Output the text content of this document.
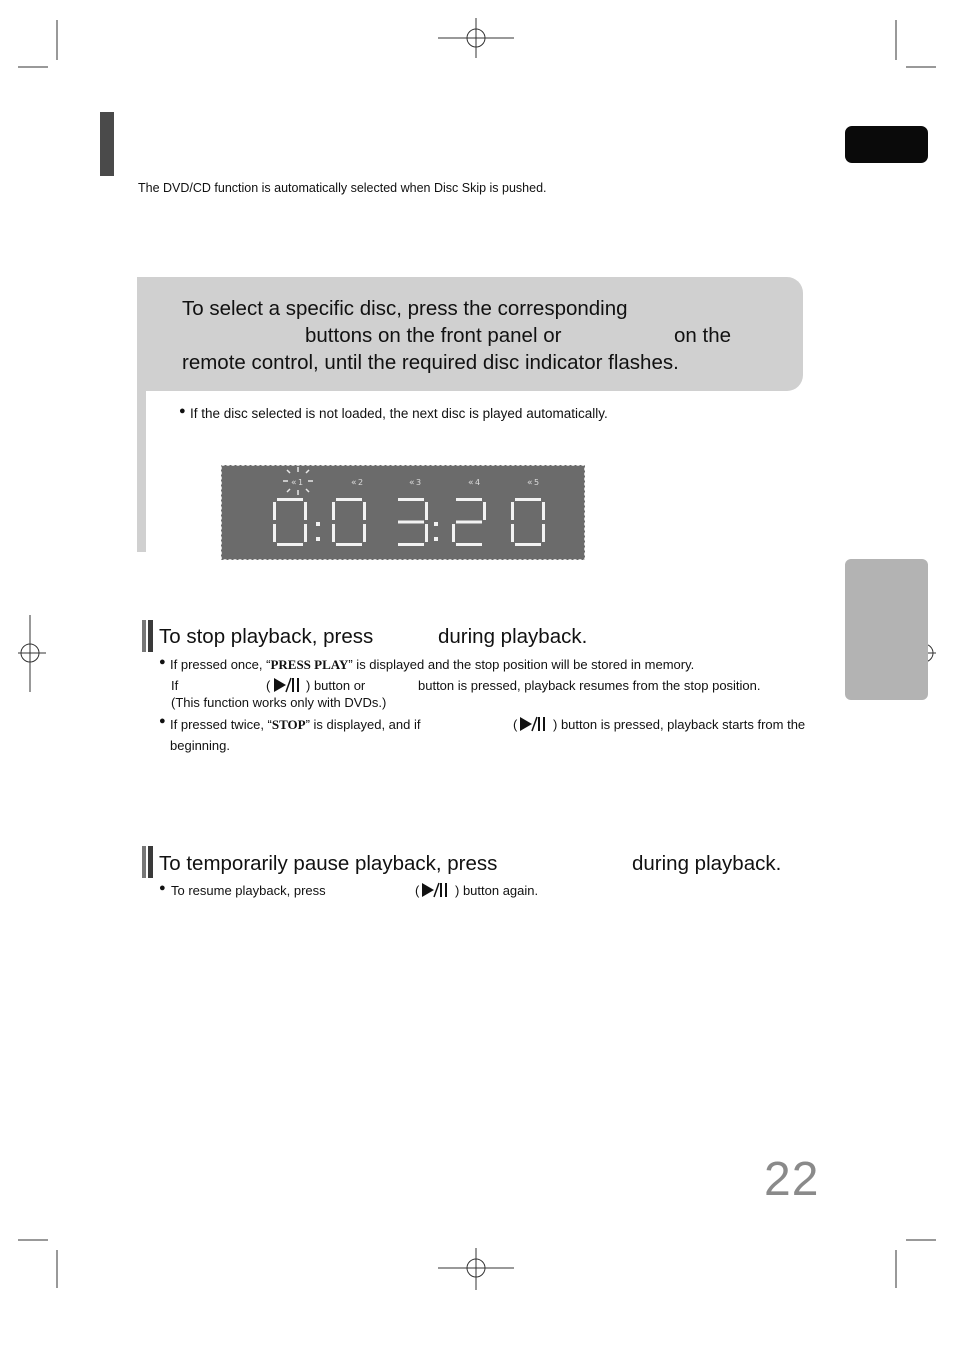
The DVD/CD function is automatically selected when Disc Skip is pushed.
To select a specific disc, press the corresponding
buttons on the front panel or	on the
remote control, until the required disc indicator flashes.
● If the disc selected is not loaded, the next disc is played automatically.
« 1	« 2	« 3	« 4	« 5
To stop playback, press	during playback.
● If pressed once, “PRESS PLAY” is displayed and the stop position will be stored in memory.
If	(	) button or	button is pressed, playback resumes from the stop position.
(This function works only with DVDs.)
● If pressed twice, “STOP” is displayed, and if	(	) button is pressed, playback starts from the
beginning.
To temporarily pause playback, press	during playback.
● To resume playback, press	(	) button again.
22
